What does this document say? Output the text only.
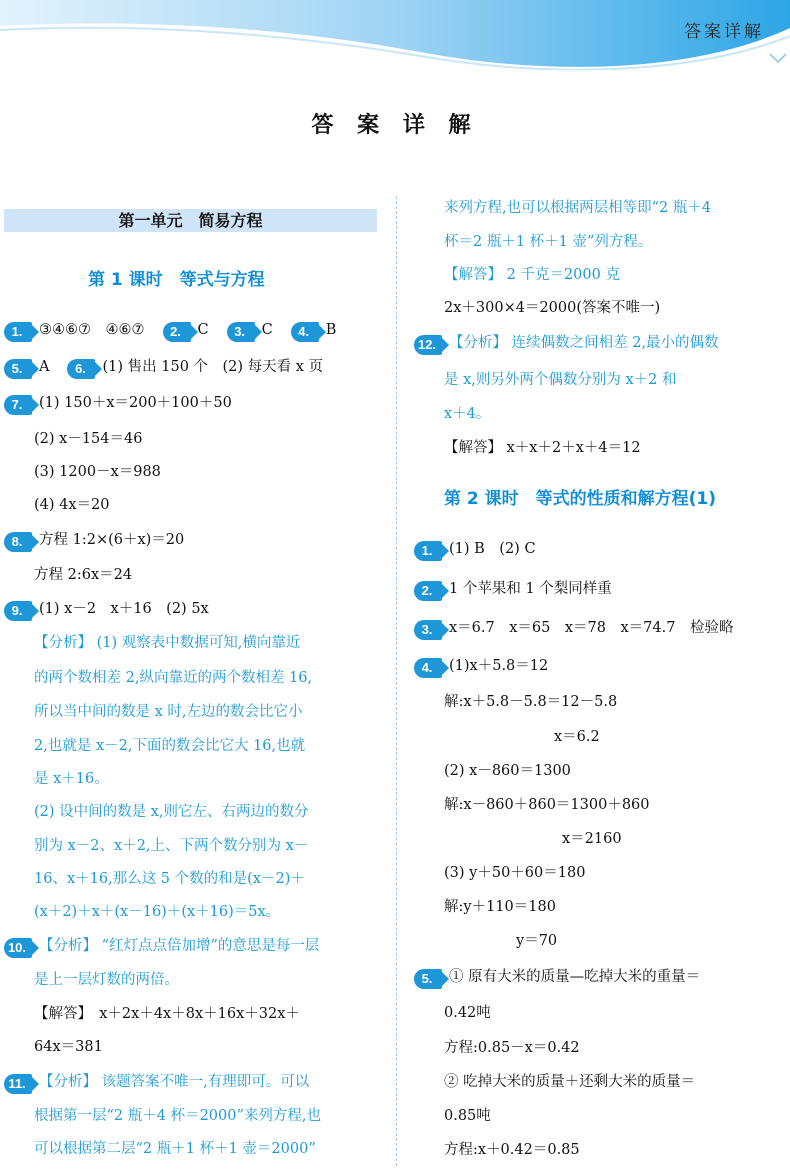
答案详解
答 案 详 解
第一单元　简易方程
第 1 课时　等式与方程
1. ③④⑥⑦　④⑥⑦ 2. C 3. C 4. B
5. A 6. (1) 售出 150 个　(2) 每天看 x 页
7. (1) 150＋x＝200＋100＋50
(2) x－154＝46
(3) 1200－x＝988
(4) 4x＝20
8. 方程 1:2×(6＋x)＝20
方程 2:6x＝24
9. (1) x－2　x＋16　(2) 5x
【分析】 (1) 观察表中数据可知,横向靠近
的两个数相差 2,纵向靠近的两个数相差 16,
所以当中间的数是 x 时,左边的数会比它小
2,也就是 x－2,下面的数会比它大 16,也就
是 x＋16。
(2) 设中间的数是 x,则它左、右两边的数分
别为 x－2、x＋2,上、下两个数分别为 x－
16、x＋16,那么这 5 个数的和是(x－2)＋
(x＋2)＋x＋(x－16)＋(x＋16)＝5x。
10. 【分析】 “红灯点点倍加增”的意思是每一层
是上一层灯数的两倍。
【解答】　x＋2x＋4x＋8x＋16x＋32x＋
64x＝381
11. 【分析】 该题答案不唯一,有理即可。可以
根据第一层“2 瓶＋4 杯＝2000”来列方程,也
可以根据第二层“2 瓶＋1 杯＋1 壶＝2000”
来列方程,也可以根据两层相等即“2 瓶＋4
杯＝2 瓶＋1 杯＋1 壶”列方程。
【解答】 2 千克＝2000 克
2x＋300×4＝2000(答案不唯一)
12. 【分析】 连续偶数之间相差 2,最小的偶数
是 x,则另外两个偶数分别为 x＋2 和
x＋4。
【解答】 x＋x＋2＋x＋4＝12
第 2 课时　等式的性质和解方程(1)
1. (1) B　(2) C
2. 1 个苹果和 1 个梨同样重
3. x＝6.7　x＝65　x＝78　x＝74.7　检验略
4. (1)x＋5.8＝12
解:x＋5.8－5.8＝12－5.8
x＝6.2
(2) x－860＝1300
解:x－860＋860＝1300＋860
x＝2160
(3) y＋50＋60＝180
解:y＋110＝180
y＝70
5. ① 原有大米的质量—吃掉大米的重量＝
0.42吨
方程:0.85－x＝0.42
② 吃掉大米的质量＋还剩大米的质量＝
0.85吨
方程:x＋0.42＝0.85
